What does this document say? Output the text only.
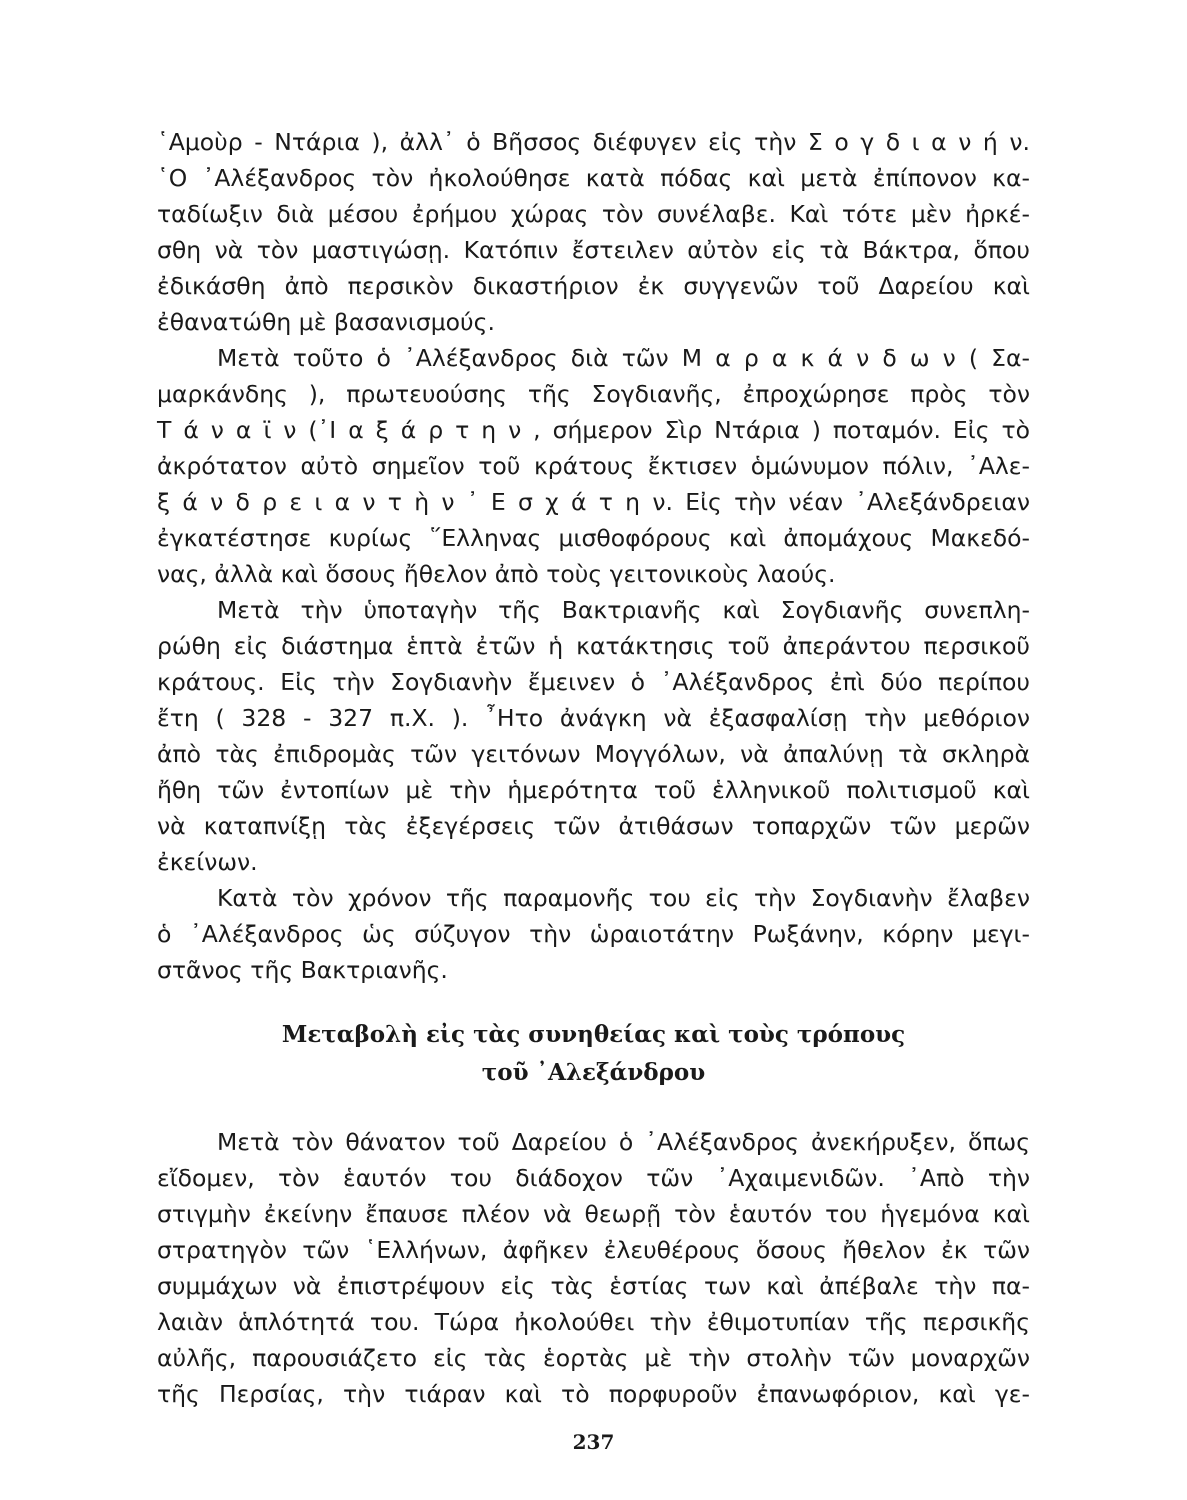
῾Αμοὺρ - Ντάρια ), ἀλλ᾿ ὁ Βῆσσος διέφυγεν εἰς τὴν Σ ο γ δ ι α ν ή ν.
῾Ο ᾿Αλέξανδρος τὸν ἠκολούθησε κατὰ πόδας καὶ μετὰ ἐπίπονον κα-
ταδίωξιν διὰ μέσου ἐρήμου χώρας τὸν συνέλαβε. Καὶ τότε μὲν ἠρκέ-
σθη νὰ τὸν μαστιγώσῃ. Κατόπιν ἔστειλεν αὐτὸν εἰς τὰ Βάκτρα, ὅπου
ἐδικάσθη ἀπὸ περσικὸν δικαστήριον ἐκ συγγενῶν τοῦ Δαρείου καὶ
ἐθανατώθη μὲ βασανισμούς.
Μετὰ τοῦτο ὁ ᾿Αλέξανδρος διὰ τῶν Μ α ρ α κ ά ν δ ω ν ( Σα-
μαρκάνδης ), πρωτευούσης τῆς Σογδιανῆς, ἐπροχώρησε πρὸς τὸν
Τ ά ν α ϊ ν (᾿Ι α ξ ά ρ τ η ν , σήμερον Σὶρ Ντάρια ) ποταμόν. Εἰς τὸ
ἀκρότατον αὐτὸ σημεῖον τοῦ κράτους ἔκτισεν ὁμώνυμον πόλιν, ᾿Αλε-
ξ ά ν δ ρ ε ι α ν τ ὴ ν ᾿ Ε σ χ ά τ η ν. Εἰς τὴν νέαν ᾿Αλεξάνδρειαν
ἐγκατέστησε κυρίως ῞Ελληνας μισθοφόρους καὶ ἀπομάχους Μακεδό-
νας, ἀλλὰ καὶ ὅσους ἤθελον ἀπὸ τοὺς γειτονικοὺς λαούς.
Μετὰ τὴν ὑποταγὴν τῆς Βακτριανῆς καὶ Σογδιανῆς συνεπλη-
ρώθη εἰς διάστημα ἑπτὰ ἐτῶν ἡ κατάκτησις τοῦ ἀπεράντου περσικοῦ
κράτους. Εἰς τὴν Σογδιανὴν ἔμεινεν ὁ ᾿Αλέξανδρος ἐπὶ δύο περίπου
ἔτη ( 328 - 327 π.Χ. ). ῏Ητο ἀνάγκη νὰ ἐξασφαλίσῃ τὴν μεθόριον
ἀπὸ τὰς ἐπιδρομὰς τῶν γειτόνων Μογγόλων, νὰ ἀπαλύνῃ τὰ σκληρὰ
ἤθη τῶν ἐντοπίων μὲ τὴν ἡμερότητα τοῦ ἑλληνικοῦ πολιτισμοῦ καὶ
νὰ καταπνίξῃ τὰς ἐξεγέρσεις τῶν ἀτιθάσων τοπαρχῶν τῶν μερῶν
ἐκείνων.
Κατὰ τὸν χρόνον τῆς παραμονῆς του εἰς τὴν Σογδιανὴν ἔλαβεν
ὁ ᾿Αλέξανδρος ὡς σύζυγον τὴν ὡραιοτάτην Ρωξάνην, κόρην μεγι-
στᾶνος τῆς Βακτριανῆς.
Μεταβολὴ εἰς τὰς συνηθείας καὶ τοὺς τρόπους
τοῦ ᾿Αλεξάνδρου
Μετὰ τὸν θάνατον τοῦ Δαρείου ὁ ᾿Αλέξανδρος ἀνεκήρυξεν, ὅπως
εἴδομεν, τὸν ἑαυτόν του διάδοχον τῶν ᾿Αχαιμενιδῶν. ᾿Απὸ τὴν
στιγμὴν ἐκείνην ἔπαυσε πλέον νὰ θεωρῇ τὸν ἑαυτόν του ἡγεμόνα καὶ
στρατηγὸν τῶν ῾Ελλήνων, ἀφῆκεν ἐλευθέρους ὅσους ἤθελον ἐκ τῶν
συμμάχων νὰ ἐπιστρέψουν εἰς τὰς ἑστίας των καὶ ἀπέβαλε τὴν πα-
λαιὰν ἁπλότητά του. Τώρα ἠκολούθει τὴν ἐθιμοτυπίαν τῆς περσικῆς
αὐλῆς, παρουσιάζετο εἰς τὰς ἑορτὰς μὲ τὴν στολὴν τῶν μοναρχῶν
τῆς Περσίας, τὴν τιάραν καὶ τὸ πορφυροῦν ἐπανωφόριον, καὶ γε-
237
